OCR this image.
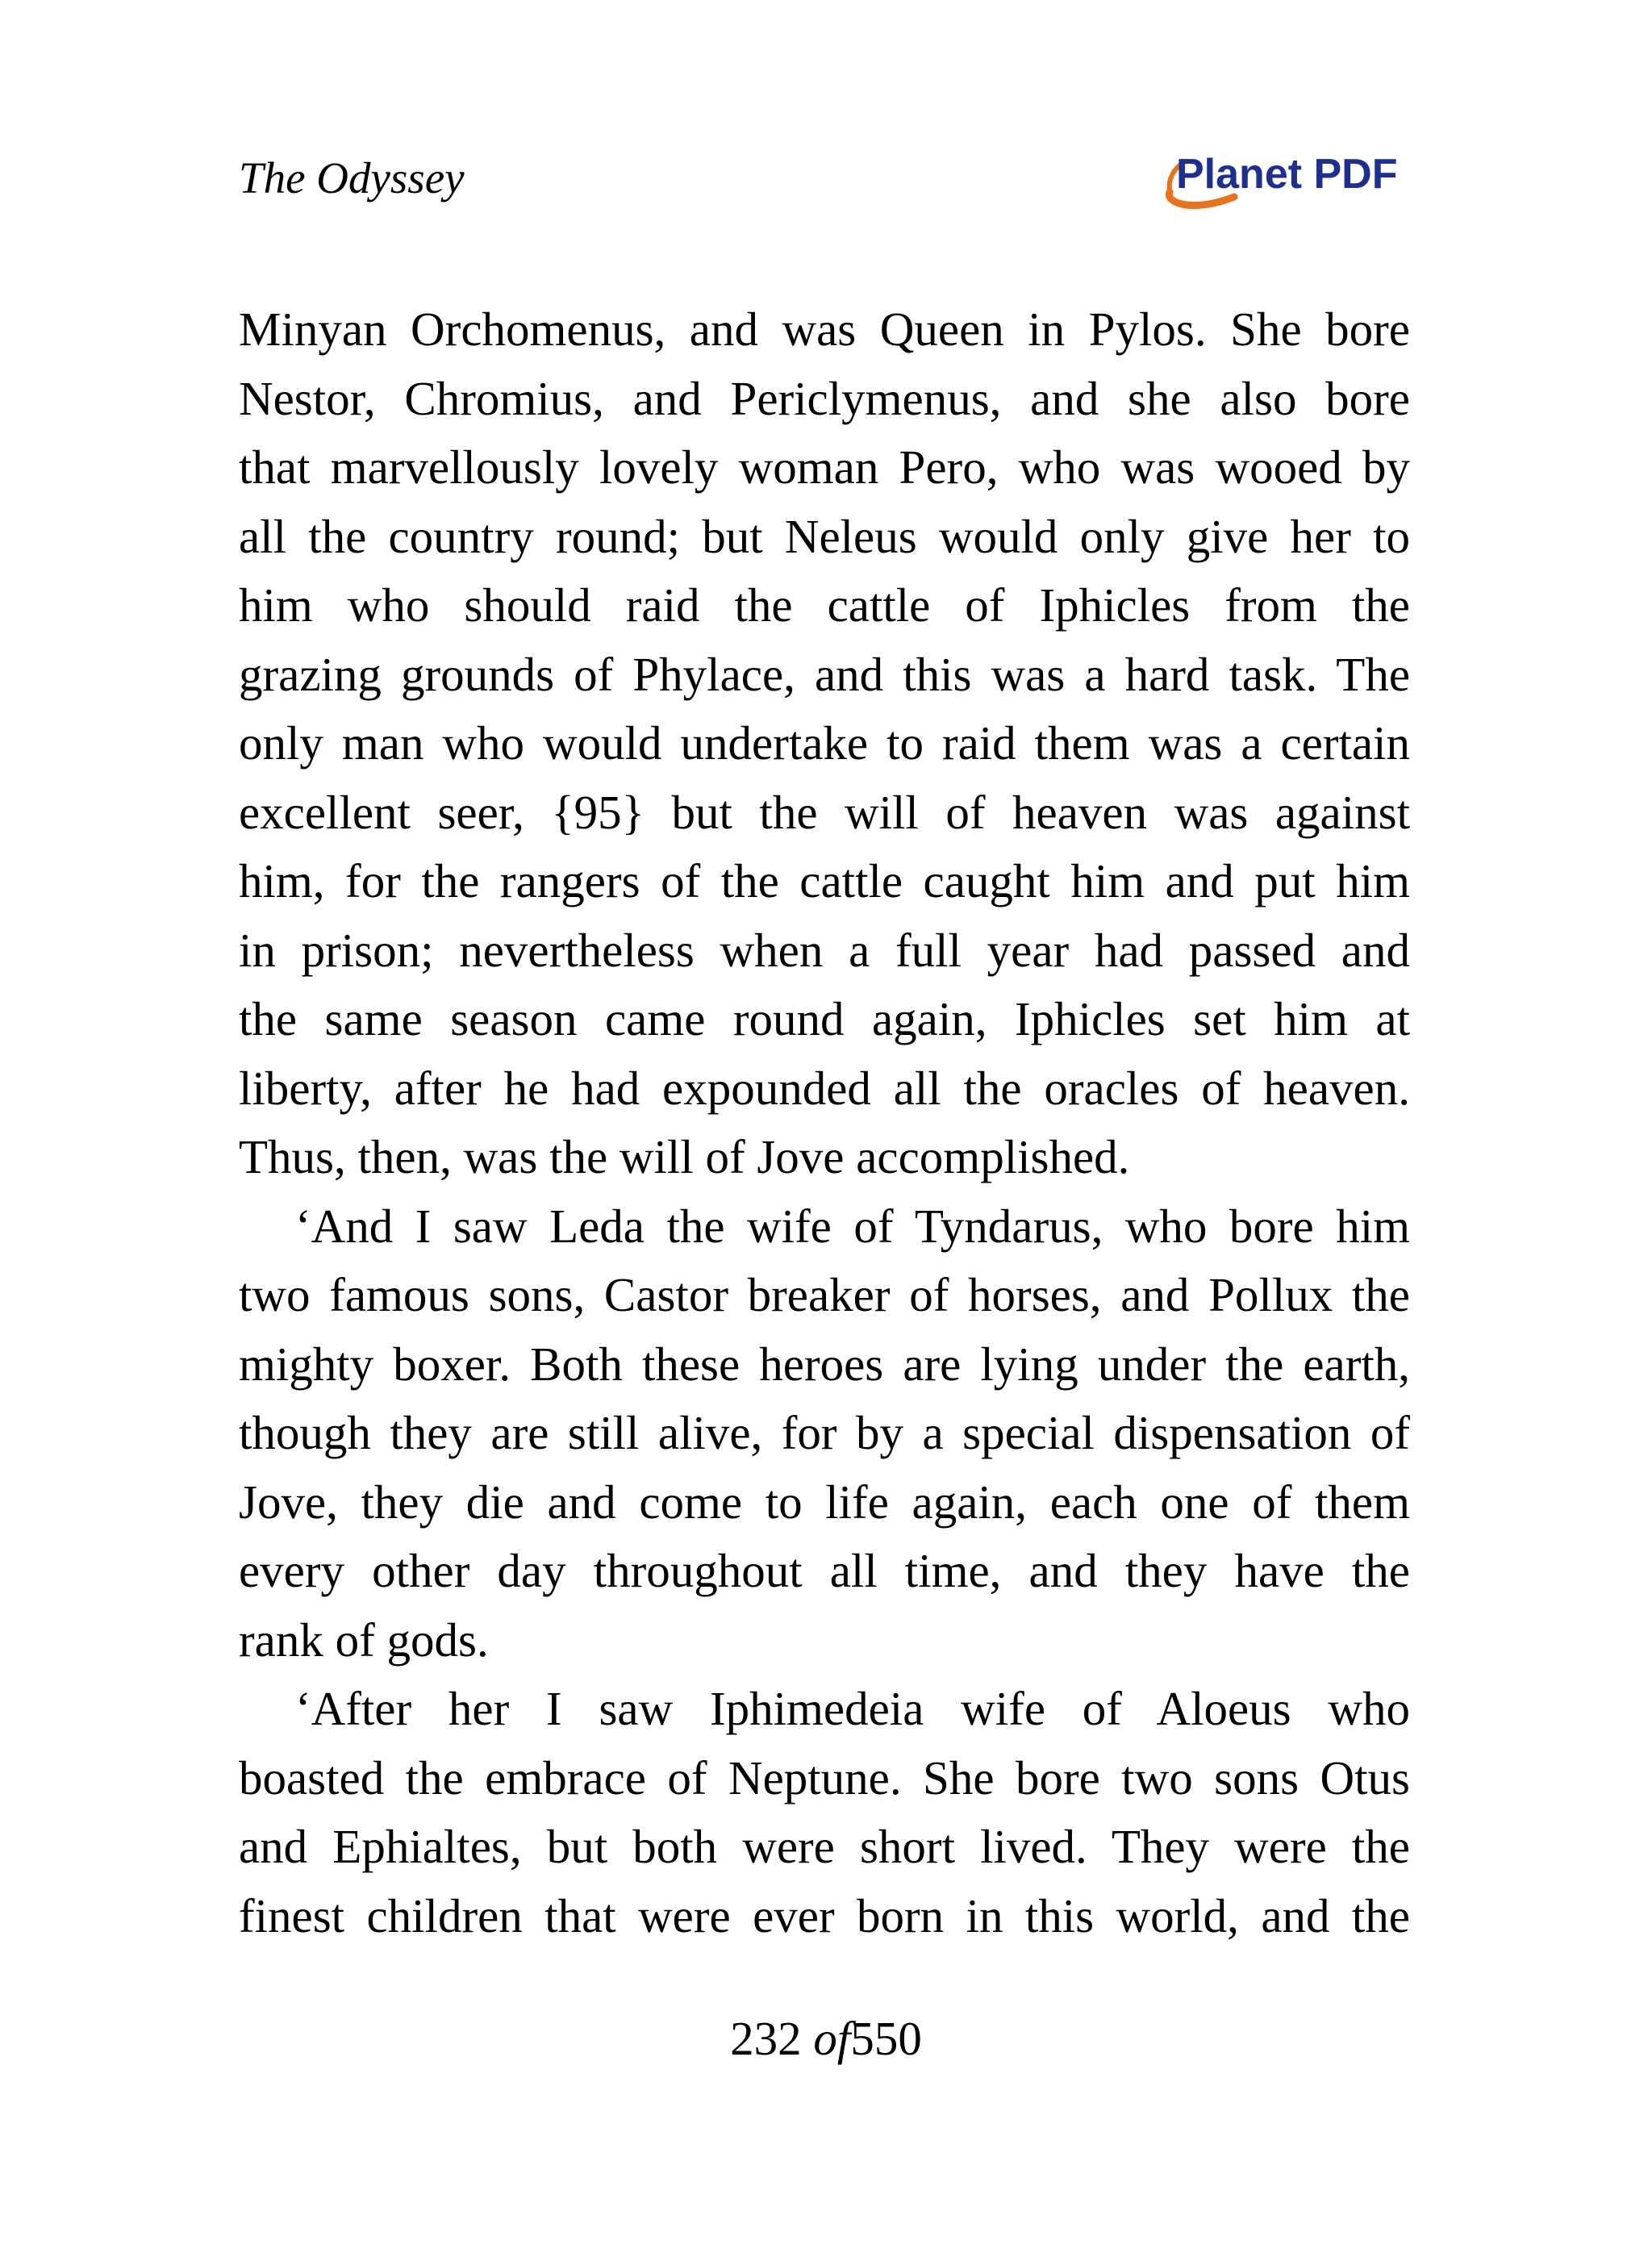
The Odyssey	Planet PDF
Minyan Orchomenus, and was Queen in Pylos. She bore
Nestor, Chromius, and Periclymenus, and she also bore
that marvellously lovely woman Pero, who was wooed by
all the country round; but Neleus would only give her to
him who should raid the cattle of Iphicles from the
grazing grounds of Phylace, and this was a hard task. The
only man who would undertake to raid them was a certain
excellent seer, {95} but the will of heaven was against
him, for the rangers of the cattle caught him and put him
in prison; nevertheless when a full year had passed and
the same season came round again, Iphicles set him at
liberty, after he had expounded all the oracles of heaven.
Thus, then, was the will of Jove accomplished.
‘And I saw Leda the wife of Tyndarus, who bore him
two famous sons, Castor breaker of horses, and Pollux the
mighty boxer. Both these heroes are lying under the earth,
though they are still alive, for by a special dispensation of
Jove, they die and come to life again, each one of them
every other day throughout all time, and they have the
rank of gods.
‘After her I saw Iphimedeia wife of Aloeus who
boasted the embrace of Neptune. She bore two sons Otus
and Ephialtes, but both were short lived. They were the
finest children that were ever born in this world, and the
232 of550
